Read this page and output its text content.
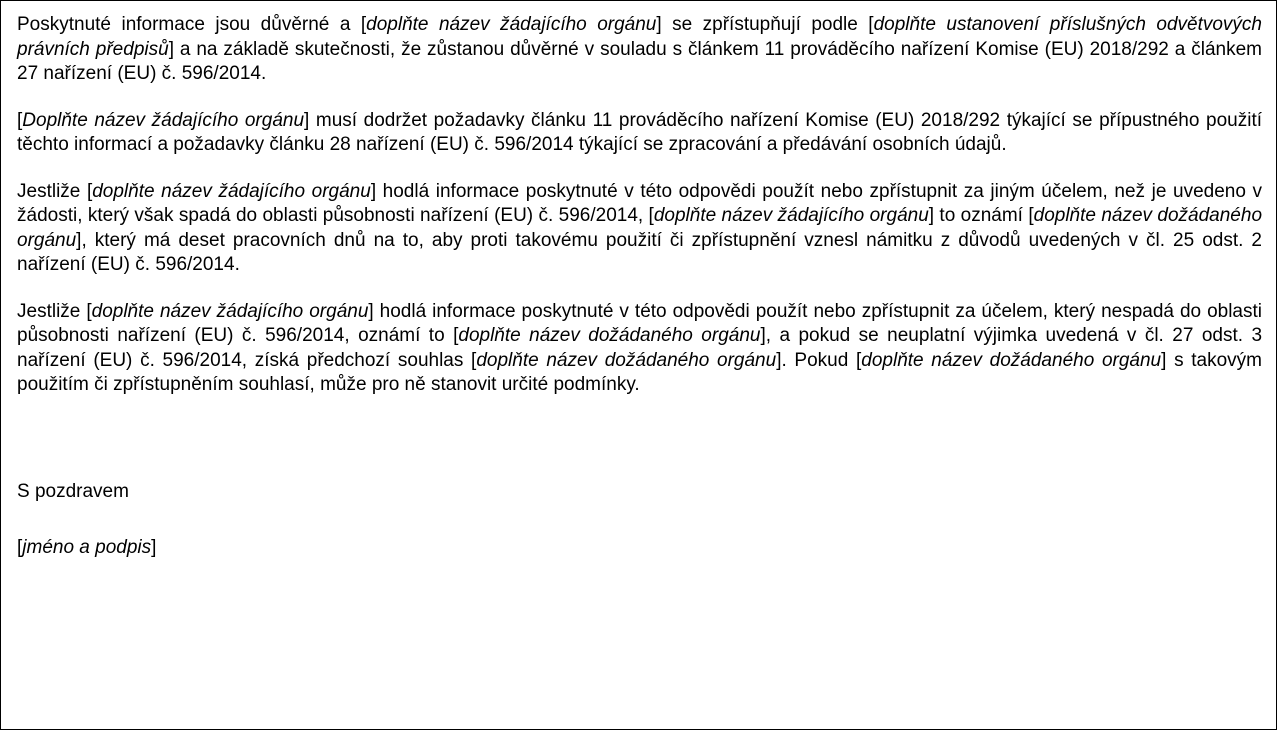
Poskytnuté informace jsou důvěrné a [doplňte název žádajícího orgánu] se zpřístupňují podle [doplňte ustanovení příslušných odvětvových právních předpisů] a na základě skutečnosti, že zůstanou důvěrné v souladu s článkem 11 prováděcího nařízení Komise (EU) 2018/292 a článkem 27 nařízení (EU) č. 596/2014.

[Doplňte název žádajícího orgánu] musí dodržet požadavky článku 11 prováděcího nařízení Komise (EU) 2018/292 týkající se přípustného použití těchto informací a požadavky článku 28 nařízení (EU) č. 596/2014 týkající se zpracování a předávání osobních údajů.

Jestliže [doplňte název žádajícího orgánu] hodlá informace poskytnuté v této odpovědi použít nebo zpřístupnit za jiným účelem, než je uvedeno v žádosti, který však spadá do oblasti působnosti nařízení (EU) č. 596/2014, [doplňte název žádajícího orgánu] to oznámí [doplňte název dožádaného orgánu], který má deset pracovních dnů na to, aby proti takovému použití či zpřístupnění vznesl námitku z důvodů uvedených v čl. 25 odst. 2 nařízení (EU) č. 596/2014.

Jestliže [doplňte název žádajícího orgánu] hodlá informace poskytnuté v této odpovědi použít nebo zpřístupnit za účelem, který nespadá do oblasti působnosti nařízení (EU) č. 596/2014, oznámí to [doplňte název dožádaného orgánu], a pokud se neuplatní výjimka uvedená v čl. 27 odst. 3 nařízení (EU) č. 596/2014, získá předchozí souhlas [doplňte název dožádaného orgánu]. Pokud [doplňte název dožádaného orgánu] s takovým použitím či zpřístupněním souhlasí, může pro ně stanovit určité podmínky.

S pozdravem

[jméno a podpis]
